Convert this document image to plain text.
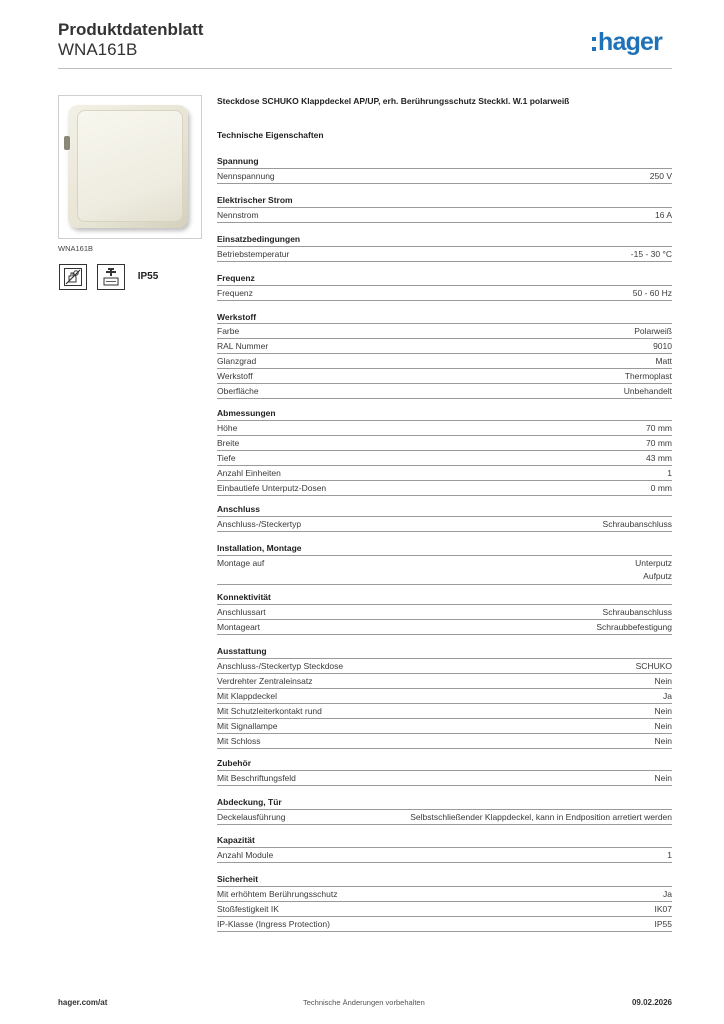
Produktdatenblatt
WNA161B	hager
WNA161B
IP55
Steckdose SCHUKO Klappdeckel AP/UP, erh. Berührungsschutz Steckkl. W.1 polarweiß
Technische Eigenschaften
Spannung
Nennspannung	250 V
Elektrischer Strom
Nennstrom	16 A
Einsatzbedingungen
Betriebstemperatur	-15 - 30 °C
Frequenz
Frequenz	50 - 60 Hz
Werkstoff
Farbe	Polarweiß
RAL Nummer	9010
Glanzgrad	Matt
Werkstoff	Thermoplast
Oberfläche	Unbehandelt
Abmessungen
Höhe	70 mm
Breite	70 mm
Tiefe	43 mm
Anzahl Einheiten	1
Einbautiefe Unterputz-Dosen	0 mm
Anschluss
Anschluss-/Steckertyp	Schraubanschluss
Installation, Montage
Montage auf	Unterputz
Aufputz
Konnektivität
Anschlussart	Schraubanschluss
Montageart	Schraubbefestigung
Ausstattung
Anschluss-/Steckertyp Steckdose	SCHUKO
Verdrehter Zentraleinsatz	Nein
Mit Klappdeckel	Ja
Mit Schutzleiterkontakt rund	Nein
Mit Signallampe	Nein
Mit Schloss	Nein
Zubehör
Mit Beschriftungsfeld	Nein
Abdeckung, Tür
Deckelausführung	Selbstschließender Klappdeckel, kann in Endposition arretiert werden
Kapazität
Anzahl Module	1
Sicherheit
Mit erhöhtem Berührungsschutz	Ja
Stoßfestigkeit IK	IK07
IP-Klasse (Ingress Protection)	IP55
hager.com/at	Technische Änderungen vorbehalten	09.02.2026
